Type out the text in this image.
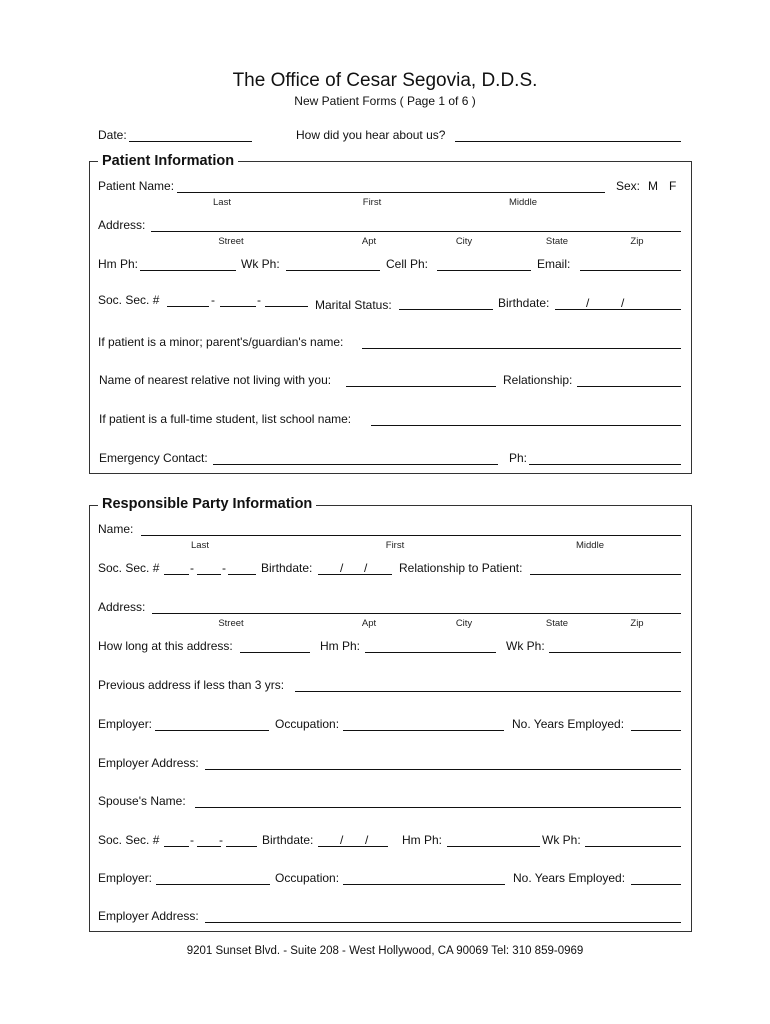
The Office of Cesar Segovia, D.D.S.
New Patient Forms ( Page 1 of 6 )
Date:	How did you hear about us?
Patient Information
Patient Name:	Sex: M F
Last	First	Middle
Address:
Street	Apt	City	State	Zip
Hm Ph:	Wk Ph:	Cell Ph:	Email:
Soc. Sec. #	-	-	Marital Status:	Birthdate:	/	/
If patient is a minor; parent's/guardian's name:
Name of nearest relative not living with you:	Relationship:
If patient is a full-time student, list school name:
Emergency Contact:	Ph:
Responsible Party Information
Name:
Last	First	Middle
Soc. Sec. #	- -	Birthdate: / /	Relationship to Patient:
Address:
Street	Apt	City	State	Zip
How long at this address:	Hm Ph:	Wk Ph:
Previous address if less than 3 yrs:
Employer:	Occupation:	No. Years Employed:
Employer Address:
Spouse's Name:
Soc. Sec. #	- -	Birthdate: / /	Hm Ph:	Wk Ph:
Employer:	Occupation:	No. Years Employed:
Employer Address:
9201 Sunset Blvd. - Suite 208 - West Hollywood, CA 90069 Tel: 310 859-0969
